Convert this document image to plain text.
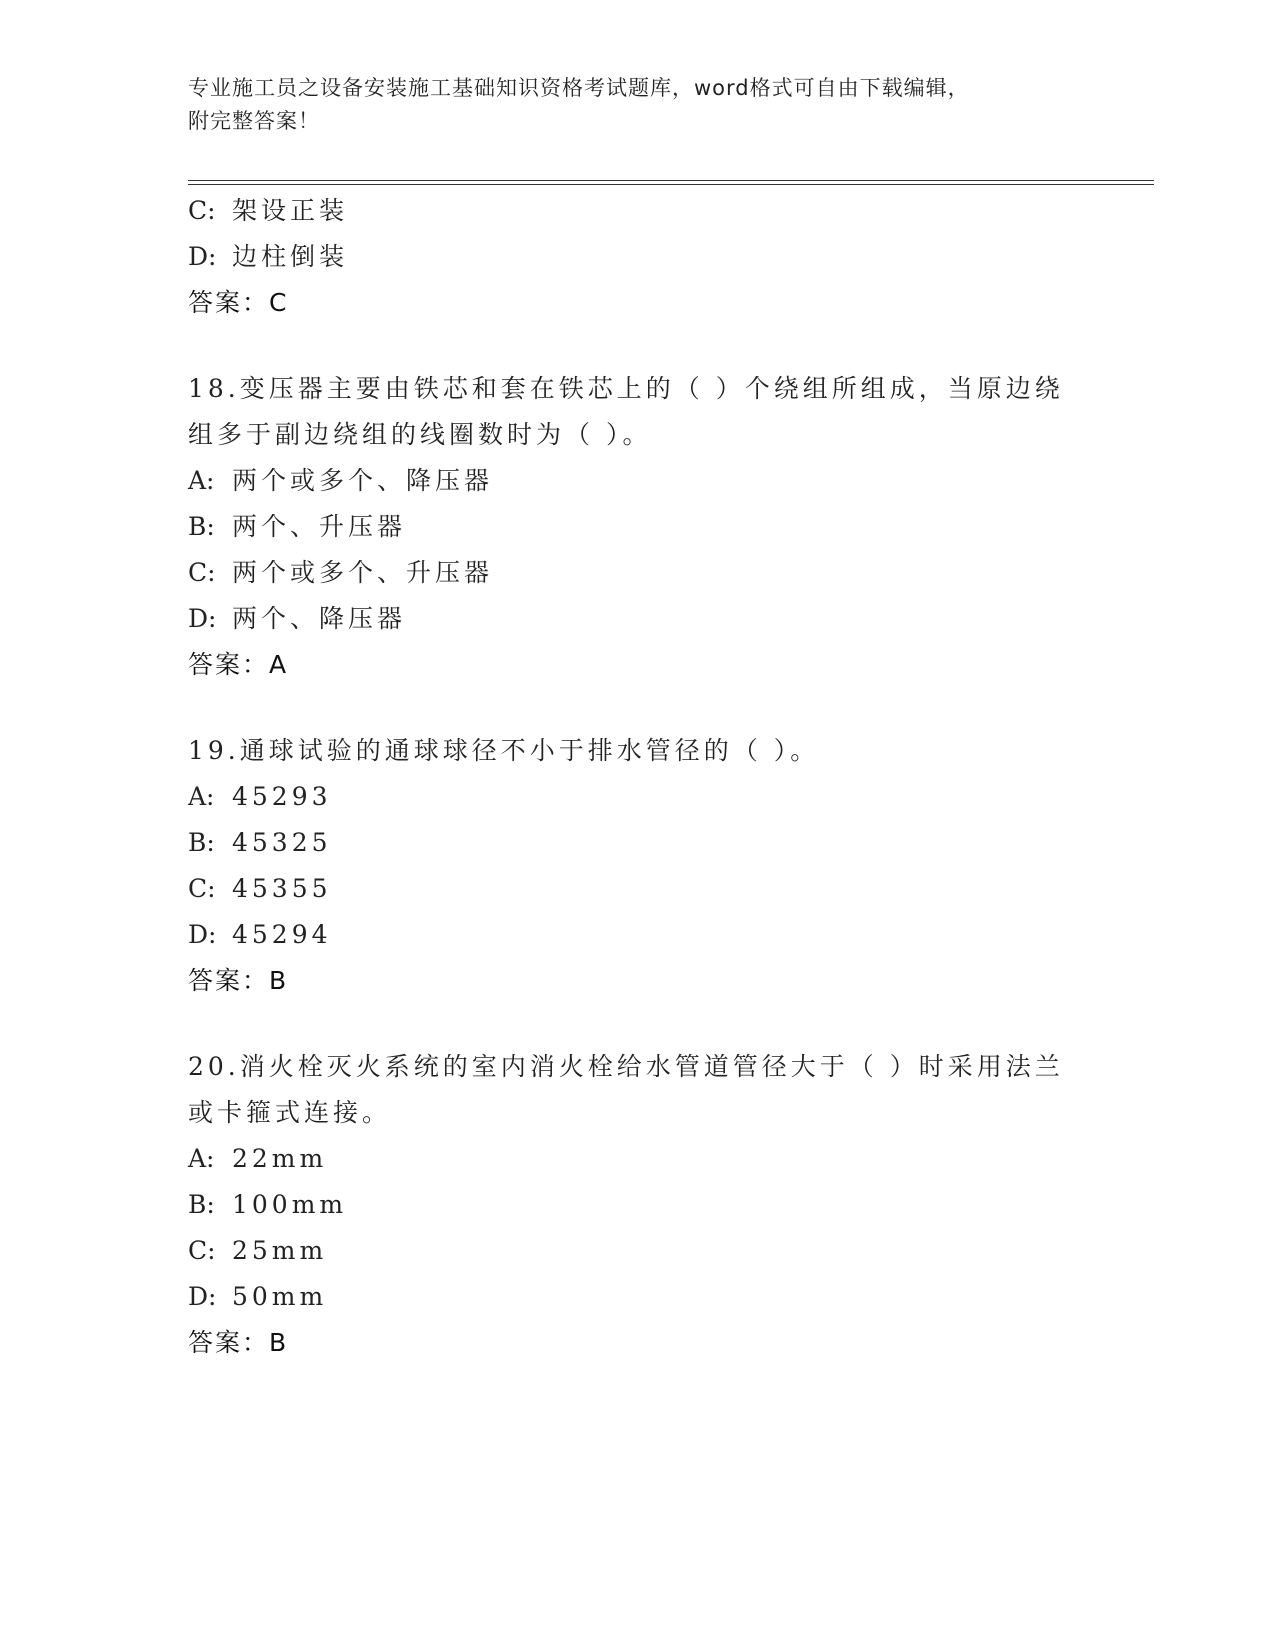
专业施工员之设备安装施工基础知识资格考试题库，word格式可自由下载编辑，
附完整答案！
C: 架设正装
D: 边柱倒装
答案：C
18.变压器主要由铁芯和套在铁芯上的（ ）个绕组所组成，当原边绕
组多于副边绕组的线圈数时为（ ）。
A: 两个或多个、降压器
B: 两个、升压器
C: 两个或多个、升压器
D: 两个、降压器
答案：A
19.通球试验的通球球径不小于排水管径的（ ）。
A: 45293
B: 45325
C: 45355
D: 45294
答案：B
20.消火栓灭火系统的室内消火栓给水管道管径大于（ ）时采用法兰
或卡箍式连接。
A: 22mm
B: 100mm
C: 25mm
D: 50mm
答案：B
